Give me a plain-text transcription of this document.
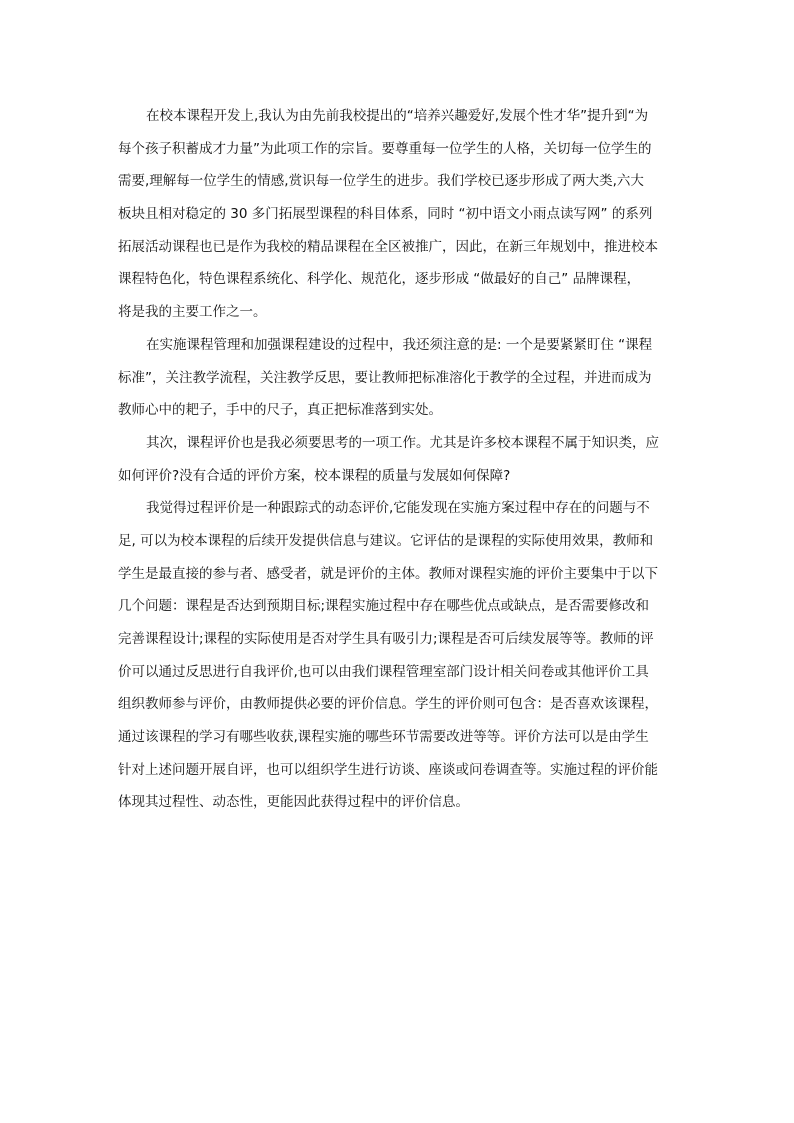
在校本课程开发上,我认为由先前我校提出的“培养兴趣爱好,发展个性才华”提升到“为
每个孩子积蓄成才力量”为此项工作的宗旨。要尊重每一位学生的人格，关切每一位学生的
需要,理解每一位学生的情感,赏识每一位学生的进步。我们学校已逐步形成了两大类,六大
板块且相对稳定的 30 多门拓展型课程的科目体系，同时 “初中语文小雨点读写网” 的系列
拓展活动课程也已是作为我校的精品课程在全区被推广，因此，在新三年规划中，推进校本
课程特色化，特色课程系统化、科学化、规范化，逐步形成 “做最好的自己” 品牌课程，
将是我的主要工作之一。
在实施课程管理和加强课程建设的过程中，我还须注意的是: 一个是要紧紧盯住 “课程
标准”，关注教学流程，关注教学反思，要让教师把标准溶化于教学的全过程，并进而成为
教师心中的耙子，手中的尺子，真正把标准落到实处。
其次，课程评价也是我必须要思考的一项工作。尤其是许多校本课程不属于知识类，应
如何评价?没有合适的评价方案，校本课程的质量与发展如何保障?
我觉得过程评价是一种跟踪式的动态评价,它能发现在实施方案过程中存在的问题与不
足, 可以为校本课程的后续开发提供信息与建议。它评估的是课程的实际使用效果，教师和
学生是最直接的参与者、感受者，就是评价的主体。教师对课程实施的评价主要集中于以下
几个问题：课程是否达到预期目标;课程实施过程中存在哪些优点或缺点，是否需要修改和
完善课程设计;课程的实际使用是否对学生具有吸引力;课程是否可后续发展等等。教师的评
价可以通过反思进行自我评价,也可以由我们课程管理室部门设计相关问卷或其他评价工具
组织教师参与评价，由教师提供必要的评价信息。学生的评价则可包含：是否喜欢该课程，
通过该课程的学习有哪些收获,课程实施的哪些环节需要改进等等。评价方法可以是由学生
针对上述问题开展自评，也可以组织学生进行访谈、座谈或问卷调查等。实施过程的评价能
体现其过程性、动态性，更能因此获得过程中的评价信息。
